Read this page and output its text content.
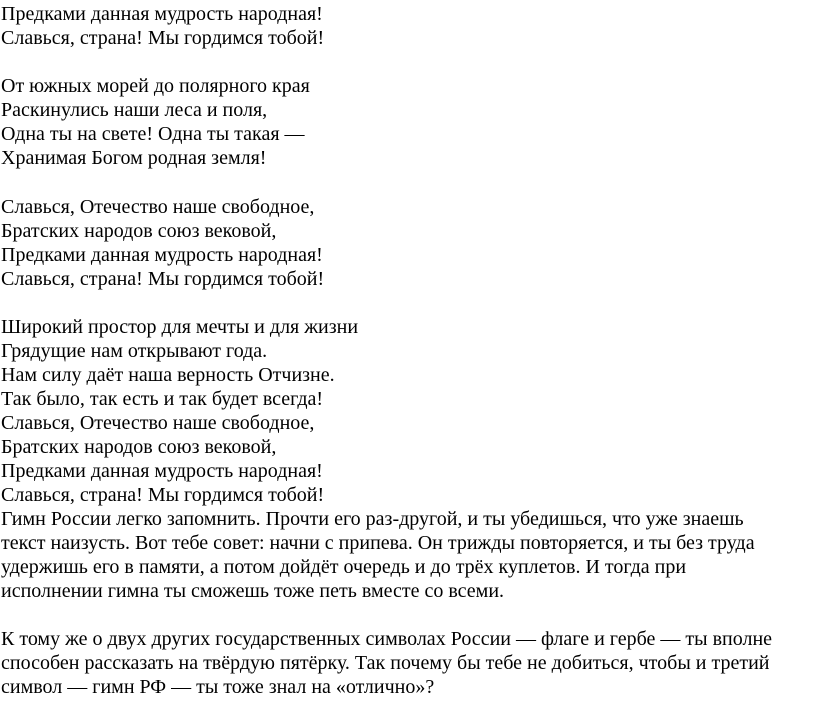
Предками данная мудрость народная!
Славься, страна! Мы гордимся тобой!
От южных морей до полярного края
Раскинулись наши леса и поля,
Одна ты на свете! Одна ты такая —
Хранимая Богом родная земля!
Славься, Отечество наше свободное,
Братских народов союз вековой,
Предками данная мудрость народная!
Славься, страна! Мы гордимся тобой!
Широкий простор для мечты и для жизни
Грядущие нам открывают года.
Нам силу даёт наша верность Отчизне.
Так было, так есть и так будет всегда!
Славься, Отечество наше свободное,
Братских народов союз вековой,
Предками данная мудрость народная!
Славься, страна! Мы гордимся тобой!
Гимн России легко запомнить. Прочти его раз-другой, и ты убедишься, что уже знаешь
текст наизусть. Вот тебе совет: начни с припева. Он трижды повторяется, и ты без труда
удержишь его в памяти, а потом дойдёт очередь и до трёх куплетов. И тогда при
исполнении гимна ты сможешь тоже петь вместе со всеми.
К тому же о двух других государственных символах России — флаге и гербе — ты вполне
способен рассказать на твёрдую пятёрку. Так почему бы тебе не добиться, чтобы и третий
символ — гимн РФ — ты тоже знал на «отлично»?
